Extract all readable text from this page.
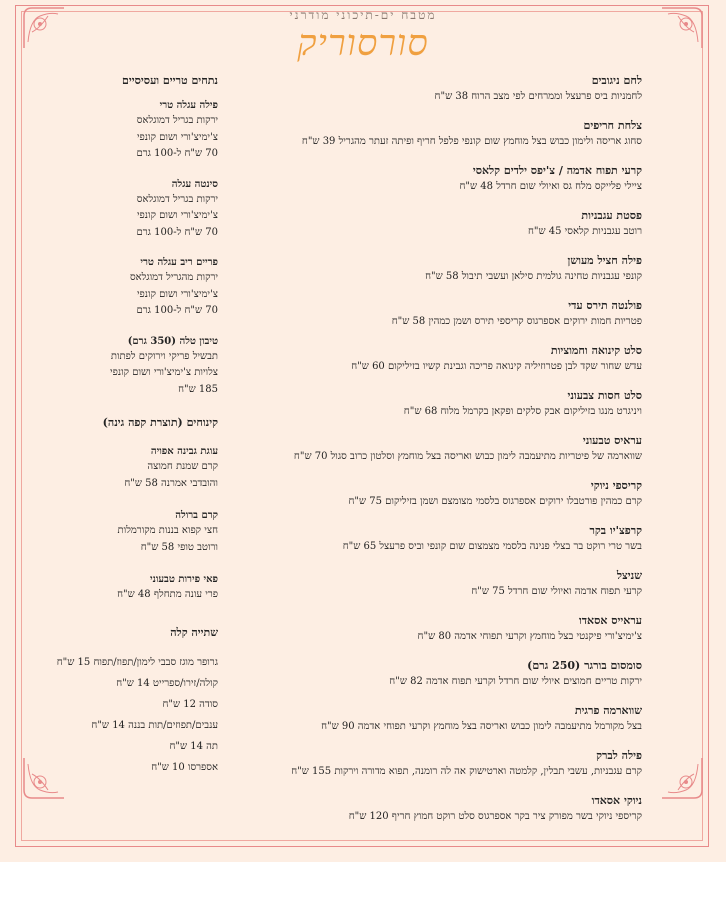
מטבח ים-תיכוני מודרני
סורסוריק
לחם ניגובים
לחמניות ביס פרעצל וממרחים לפי מצב הרוח 38 ש"ח
צלחת חריפים
סחוג אריסה ולימון כבוש בצל מוחמץ שום קונפי פלפל חריף ופיתה זעתר מהגריל 39 ש"ח
קרעי תפוח אדמה / צ'יפס ילדים קלאסי
ציילי פלייקס מלח גס ואיולי שום חרדל 48 ש"ח
פסטת עגבניות
רוטב עגבניות קלאסי 45 ש"ח
פילה חציל מעושן
קונפי עגבניות טחינה גולמית סילאן ועשבי תיבול 58 ש"ח
פולנטה תירס עדי
פטריות חמות ירוקים אספרגוס קריספי תירס ושמן כמהין 58 ש"ח
סלט קינואה וחמוציות
עדש שחור שקד לבן פטרוזיליה קינואה פריכה וגבינת קשיו בזיליקום 60 ש"ח
סלט חסות צבעוני
ויניגרט מנגו בזיליקום אבק סלקים ופקאן בקרמל מלוח 68 ש"ח
עראיס טבעוני
שווארמה של פיטריות מתיעמבה לימון כבוש ואריסה בצל מוחמץ וסלטון כרוב סגול 70 ש"ח
קריספי ניוקי
קרם כמהין פורטבלו ירוקים אספרגוס בלסמי מצומצם ושמן בזיליקום 75 ש"ח
קרפצ'יו בקר
בשר טרי רוקט בר בצלי פנינה בלסמי מצמצום שום קונפי וביס פרעצל 65 ש"ח
שניצל
קרעי תפוח אדמה ואיולי שום חרדל 75 ש"ח
עראייס אסאדו
צ'ימיצ'ורי פיקנטי בצל מוחמץ וקרעי תפוחי אדמה 80 ש"ח
סומסום בורגר (250 גרם)
ירקות טריים חמוצים איולי שום חרדל וקרעי תפוח אדמה 82 ש"ח
שווארמה פרגית
בצל מקורמל מתיעמבה לימון כבוש ואריסה בצל מוחמץ וקרעי תפוחי אדמה 90 ש"ח
פילה לברק
קרם עגבניות, עשבי תבלין, קלמטה וארטישוק אה לה רומנה, תפוא מדורה וירקות 155 ש"ח
ניוקי אסאדו
קריספי ניוקי בשר מפורק ציר בקר אספרגוס סלט רוקט חמוץ חריף 120 ש"ח
נתחים טריים ועסיסיים
פילה עגלה טרי
ירקות בגריל דמוגלאס
צ'ימיצ'ורי ושום קונפי
70 ש"ח ל-100 גרם
סינטה עגלה
ירקות בגריל דמוגלאס
צ'ימיצ'ורי ושום קונפי
70 ש"ח ל-100 גרם
פריים ריב עגלה טרי
ירקות מהגריל דמוגלאס
צ'ימיצ'ורי ושום קונפי
70 ש"ח ל-100 גרם
טיבון טלה (350 גרם)
תבשיל פריקי וירוקים לפתות
צלויות צ'ימיצ'ורי ושום קונפי
185 ש"ח
קינוחים (תוצרת קפה גינה)
עוגת גבינה אפויה
קרם שמנת חמוצה
והובדבי אמרנה 58 ש"ח
קרם ברולה
חצי קפוא בננות מקורמלות
ורוטב טופי 58 ש"ח
פאי פירות טבעוני
פרי עונה מתחלף 48 ש"ח
שתייה קלה
גרופר מוגז סבבי לימון/תפוז/תפוח 15 ש"ח
קולה/זירו/ספרייט 14 ש"ח
סודה 12 ש"ח
ענבים/תפוזים/תות בננה 14 ש"ח
תה 14 ש"ח
אספרסו 10 ש"ח
